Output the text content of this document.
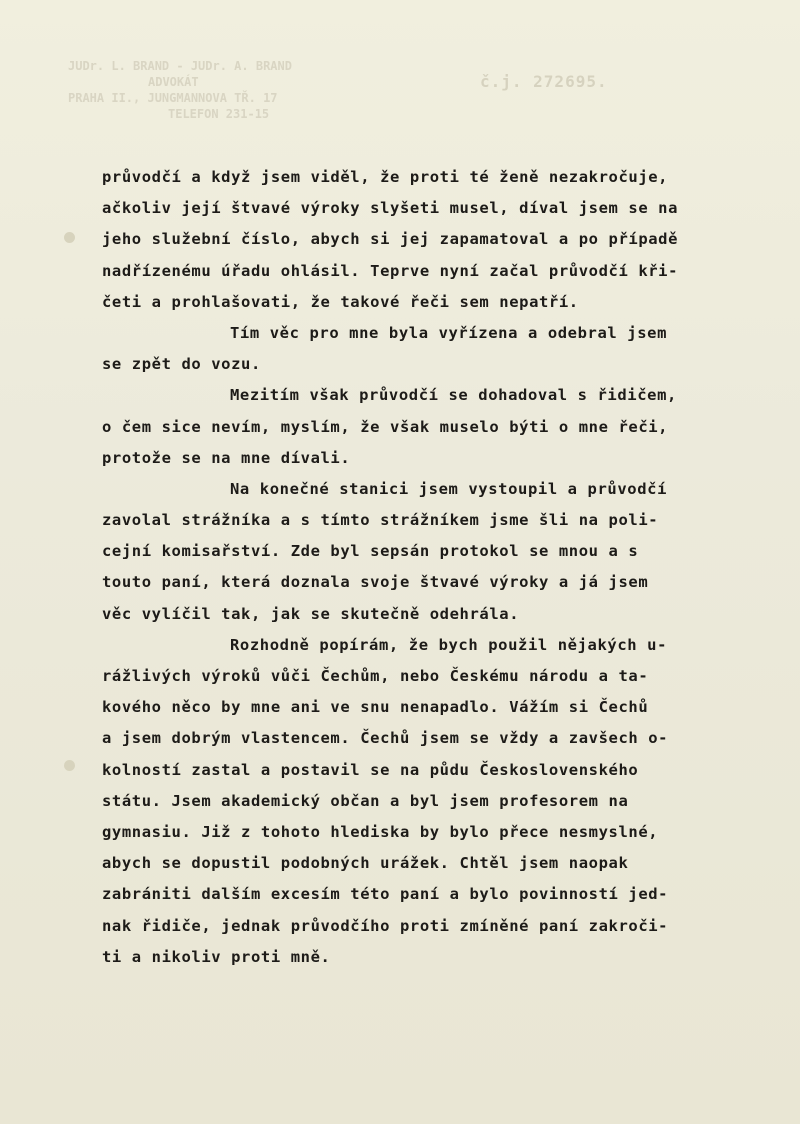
JUDr. L. BRAND - JUDr. A. BRAND
ADVOKÁT
PRAHA II., JUNGMANNOVA TŘ. 17
TELEFON 231-15
č.j. 272695.
průvodčí a když jsem viděl, že proti té ženě nezakročuje,
ačkoliv její štvavé výroky slyšeti musel, díval jsem se na
jeho služební číslo, abych si jej zapamatoval a po případě
nadřízenému úřadu ohlásil. Teprve nyní začal průvodčí kři-
četi a prohlašovati, že takové řeči sem nepatří.
Tím věc pro mne byla vyřízena a odebral jsem
se zpět do vozu.
Mezitím však průvodčí se dohadoval s řidičem,
o čem sice nevím, myslím, že však muselo býti o mne řeči,
protože se na mne dívali.
Na konečné stanici jsem vystoupil a průvodčí
zavolal strážníka a s tímto strážníkem jsme šli na poli-
cejní komisařství. Zde byl sepsán protokol se mnou a s
touto paní, která doznala svoje štvavé výroky a já jsem
věc vylíčil tak, jak se skutečně odehrála.
Rozhodně popírám, že bych použil nějakých u-
rážlivých výroků vůči Čechům, nebo Českému národu a ta-
kového něco by mne ani ve snu nenapadlo. Vážím si Čechů
a jsem dobrým vlastencem. Čechů jsem se vždy a zavšech o-
kolností zastal a postavil se na půdu Československého
státu. Jsem akademický občan a byl jsem profesorem na
gymnasiu. Již z tohoto hlediska by bylo přece nesmyslné,
abych se dopustil podobných urážek. Chtěl jsem naopak
zabrániti dalším excesím této paní a bylo povinností jed-
nak řidiče, jednak průvodčího proti zmíněné paní zakroči-
ti a nikoliv proti mně.
